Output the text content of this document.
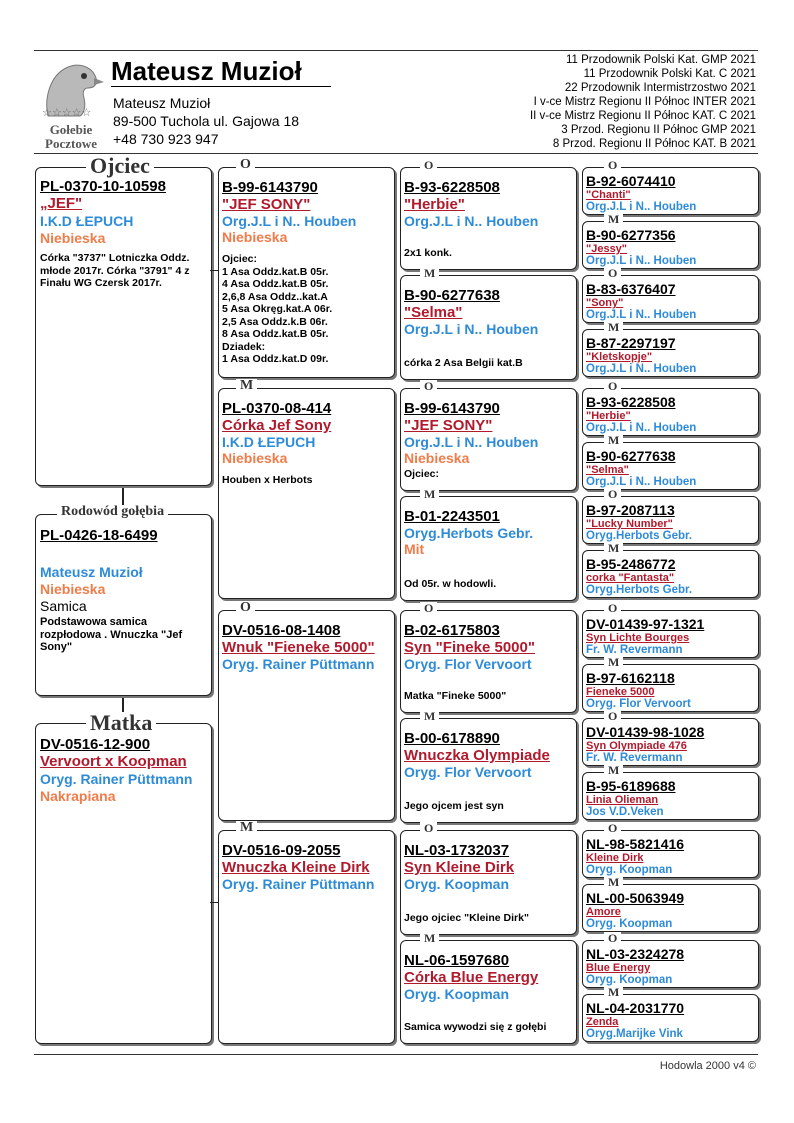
☆☆☆☆☆
Gołebie
Pocztowe
Mateusz Muzioł
Mateusz Muzioł
89-500 Tuchola ul. Gajowa 18
+48 730 923 947
11 Przodownik Polski Kat. GMP 2021
11 Przodownik Polski Kat. C 2021
22 Przodownik Intermistrzostwo 2021
I v-ce Mistrz Regionu II Północ INTER 2021
II v-ce Mistrz Regionu II Północ KAT. C 2021
3 Przod. Regionu II Północ GMP 2021
8 Przod. Regionu II Północ KAT. B 2021
PL-0370-10-10598
„JEF"
I.K.D ŁEPUCH
Niebieska
Córka "3737" Lotniczka Oddz. młode 2017r. Córka "3791" 4 z Finału WG Czersk 2017r.
Ojciec
PL-0426-18-6499
Mateusz Muzioł
Niebieska
Samica
Podstawowa samica rozpłodowa . Wnuczka "Jef Sony"
Rodowód gołębia
DV-0516-12-900
Vervoort x Koopman
Oryg. Rainer Püttmann
Nakrapiana
Matka
B-99-6143790
"JEF SONY"
Org.J.L i N.. Houben
Niebieska
Ojciec:
1 Asa Oddz.kat.B 05r.
4 Asa Oddz.kat.B 05r.
2,6,8 Asa Oddz..kat.A
5 Asa Okręg.kat.A 06r.
2,5 Asa Oddz.k.B 06r.
8 Asa Oddz.kat.B 05r.
Dziadek:
1 Asa Oddz.kat.D 09r.
O
PL-0370-08-414
Córka Jef Sony
I.K.D ŁEPUCH
Niebieska
Houben x Herbots
M
DV-0516-08-1408
Wnuk "Fieneke 5000"
Oryg. Rainer Püttmann
O
DV-0516-09-2055
Wnuczka Kleine Dirk
Oryg. Rainer Püttmann
M
B-93-6228508
"Herbie"
Org.J.L i N.. Houben
2x1 konk.
O
B-90-6277638
"Selma"
Org.J.L i N.. Houben
córka 2 Asa Belgii kat.B
M
B-99-6143790
"JEF SONY"
Org.J.L i N.. Houben
Niebieska
Ojciec:
O
B-01-2243501
Oryg.Herbots Gebr.
Mit
Od 05r. w hodowli.
M
B-02-6175803
Syn "Fineke 5000"
Oryg. Flor Vervoort
Matka "Fineke 5000"
O
B-00-6178890
Wnuczka Olympiade
Oryg. Flor Vervoort
Jego ojcem jest syn
M
NL-03-1732037
Syn Kleine Dirk
Oryg. Koopman
Jego ojciec "Kleine Dirk"
O
NL-06-1597680
Córka Blue Energy
Oryg. Koopman
Samica wywodzi się z gołębi
M
B-92-6074410
"Chanti"
Org.J.L i N.. Houben
O
B-90-6277356
"Jessy"
Org.J.L i N.. Houben
M
B-83-6376407
"Sony"
Org.J.L i N.. Houben
O
B-87-2297197
"Kletskopje"
Org.J.L i N.. Houben
M
B-93-6228508
"Herbie"
Org.J.L i N.. Houben
O
B-90-6277638
"Selma"
Org.J.L i N.. Houben
M
B-97-2087113
"Lucky Number"
Oryg.Herbots Gebr.
O
B-95-2486772
corka "Fantasta"
Oryg.Herbots Gebr.
M
DV-01439-97-1321
Syn Lichte Bourges
Fr. W. Revermann
O
B-97-6162118
Fieneke 5000
Oryg. Flor Vervoort
M
DV-01439-98-1028
Syn Olympiade 476
Fr. W. Revermann
O
B-95-6189688
Linia Olieman
Jos V.D.Veken
M
NL-98-5821416
Kleine Dirk
Oryg. Koopman
O
NL-00-5063949
Amore
Oryg. Koopman
M
NL-03-2324278
Blue Energy
Oryg. Koopman
O
NL-04-2031770
Zenda
Oryg.Marijke Vink
M
Hodowla 2000 v4 ©
